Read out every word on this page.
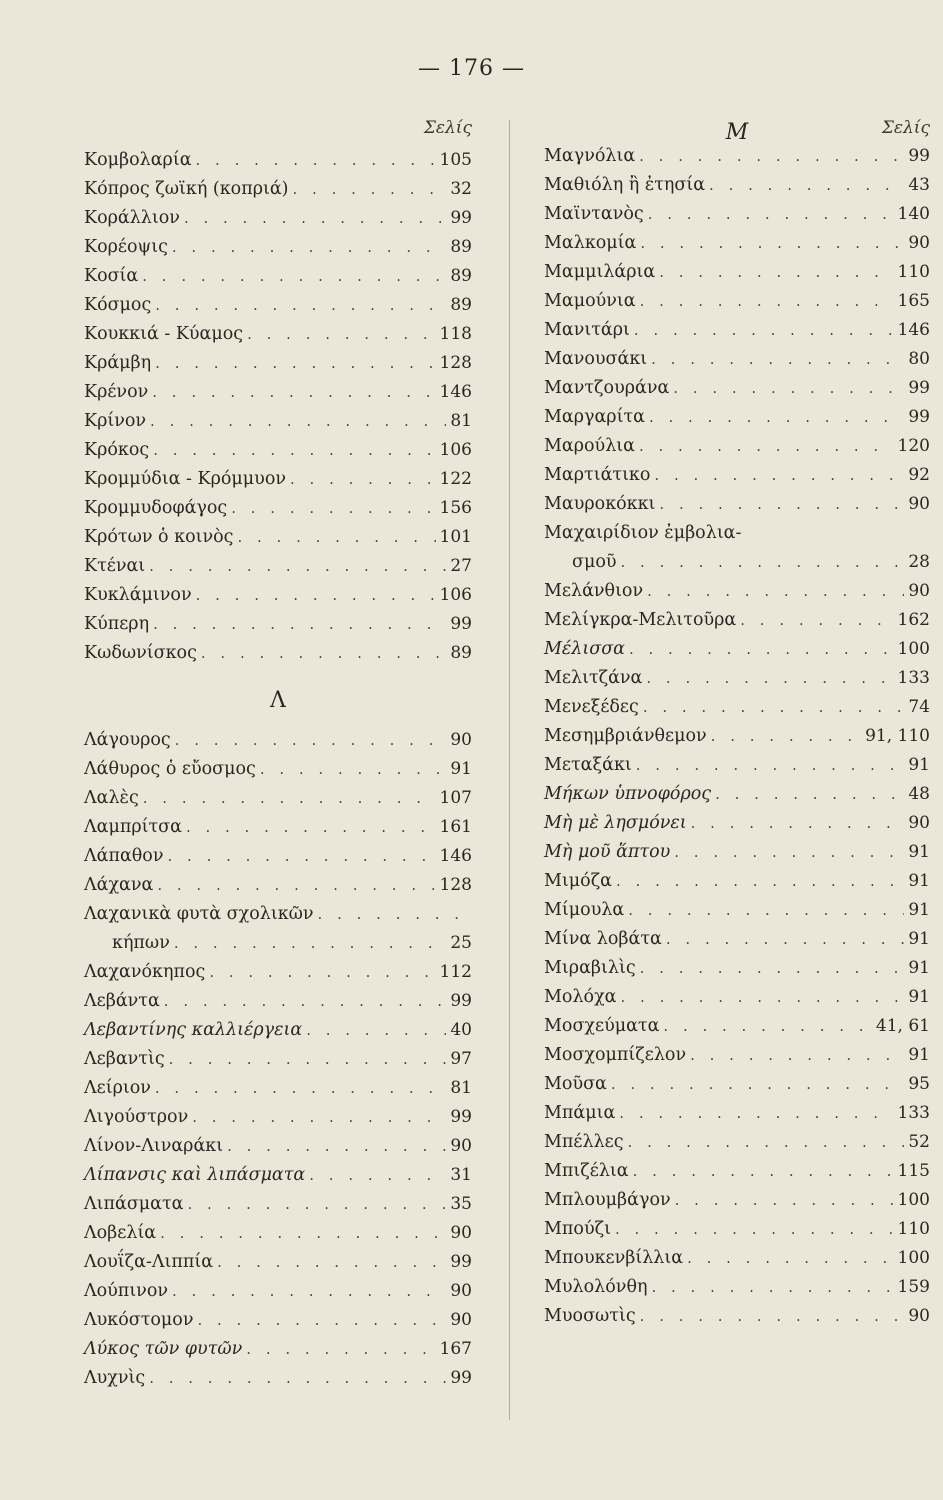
— 176 —
Σελίς
Κομβολαρία . . .	105
Κόπρος ζωϊκή (κοπριά) . . .	32
Κοράλλιον . . .	99
Κορέοψις . . .	89
Κοσία . . .	89
Κόσμος . . .	89
Κουκκιά - Κύαμος . . .	118
Κράμβη . . .	128
Κρένον . . .	146
Κρίνον . . .	81
Κρόκος . . .	106
Κρομμύδια - Κρόμμυον . . .	122
Κρομμυδοφάγος . . .	156
Κρότων ὁ κοινὸς . . .	101
Κτέναι . . .	27
Κυκλάμινον . . .	106
Κύπερη . . .	99
Κωδωνίσκος . . .	89
Λ
Λάγουρος . . .	90
Λάθυρος ὁ εὔοσμος . . .	91
Λαλὲς . . .	107
Λαμπρίτσα . . .	161
Λάπαθον . . .	146
Λάχανα . . .	128
Λαχανικὰ φυτὰ σχολικῶν
. . .
κήπων . . .	25
Λαχανόκηπος . . .	112
Λεβάντα . . .	99
Λεβαντίνης καλλιέργεια . . .	40
Λεβαντὶς . . .	97
Λείριον . . .	81
Λιγούστρον . . .	99
Λίνον-Λιναράκι . . .	90
Λίπανσις καὶ λιπάσματα . . .	31
Λιπάσματα . . .	35
Λοβελία . . .	90
Λουΐζα-Λιππία . . .	99
Λούπινον . . .	90
Λυκόστομον . . .	90
Λύκος τῶν φυτῶν . . .	167
Λυχνὶς . . .	99
Μ	Σελίς
Μαγνόλια . . .	99
Μαθιόλη ἢ ἐτησία . . .	43
Μαϊντανὸς . . .	140
Μαλκομία . . .	90
Μαμμιλάρια . . .	110
Μαμούνια . . .	165
Μανιτάρι . . .	146
Μανουσάκι . . .	80
Μαντζουράνα . . .	99
Μαργαρίτα . . .	99
Μαρούλια . . .	120
Μαρτιάτικο . . .	92
Μαυροκόκκι . . .	90
Μαχαιρίδιον ἐμβολια-
σμοῦ . . .	28
Μελάνθιον . . .	90
Μελίγκρα-Μελιτοῦρα . . .	162
Μέλισσα . . .	100
Μελιτζάνα . . .	133
Μενεξέδες . . .	74
Μεσημβριάνθεμον . . .	91, 110
Μεταξάκι . . .	91
Μήκων ὑπνοφόρος . . .	48
Μὴ μὲ λησμόνει . . .	90
Μὴ μοῦ ἅπτου . . .	91
Μιμόζα . . .	91
Μίμουλα . . .	91
Μίνα λοβάτα . . .	91
Μιραβιλὶς . . .	91
Μολόχα . . .	91
Μοσχεύματα . . .	41, 61
Μοσχομπίζελον . . .	91
Μοῦσα . . .	95
Μπάμια . . .	133
Μπέλλες . . .	52
Μπιζέλια . . .	115
Μπλουμβάγον . . .	100
Μπούζι . . .	110
Μπουκενβίλλια . . .	100
Μυλολόνθη . . .	159
Μυοσωτὶς . . .	90
